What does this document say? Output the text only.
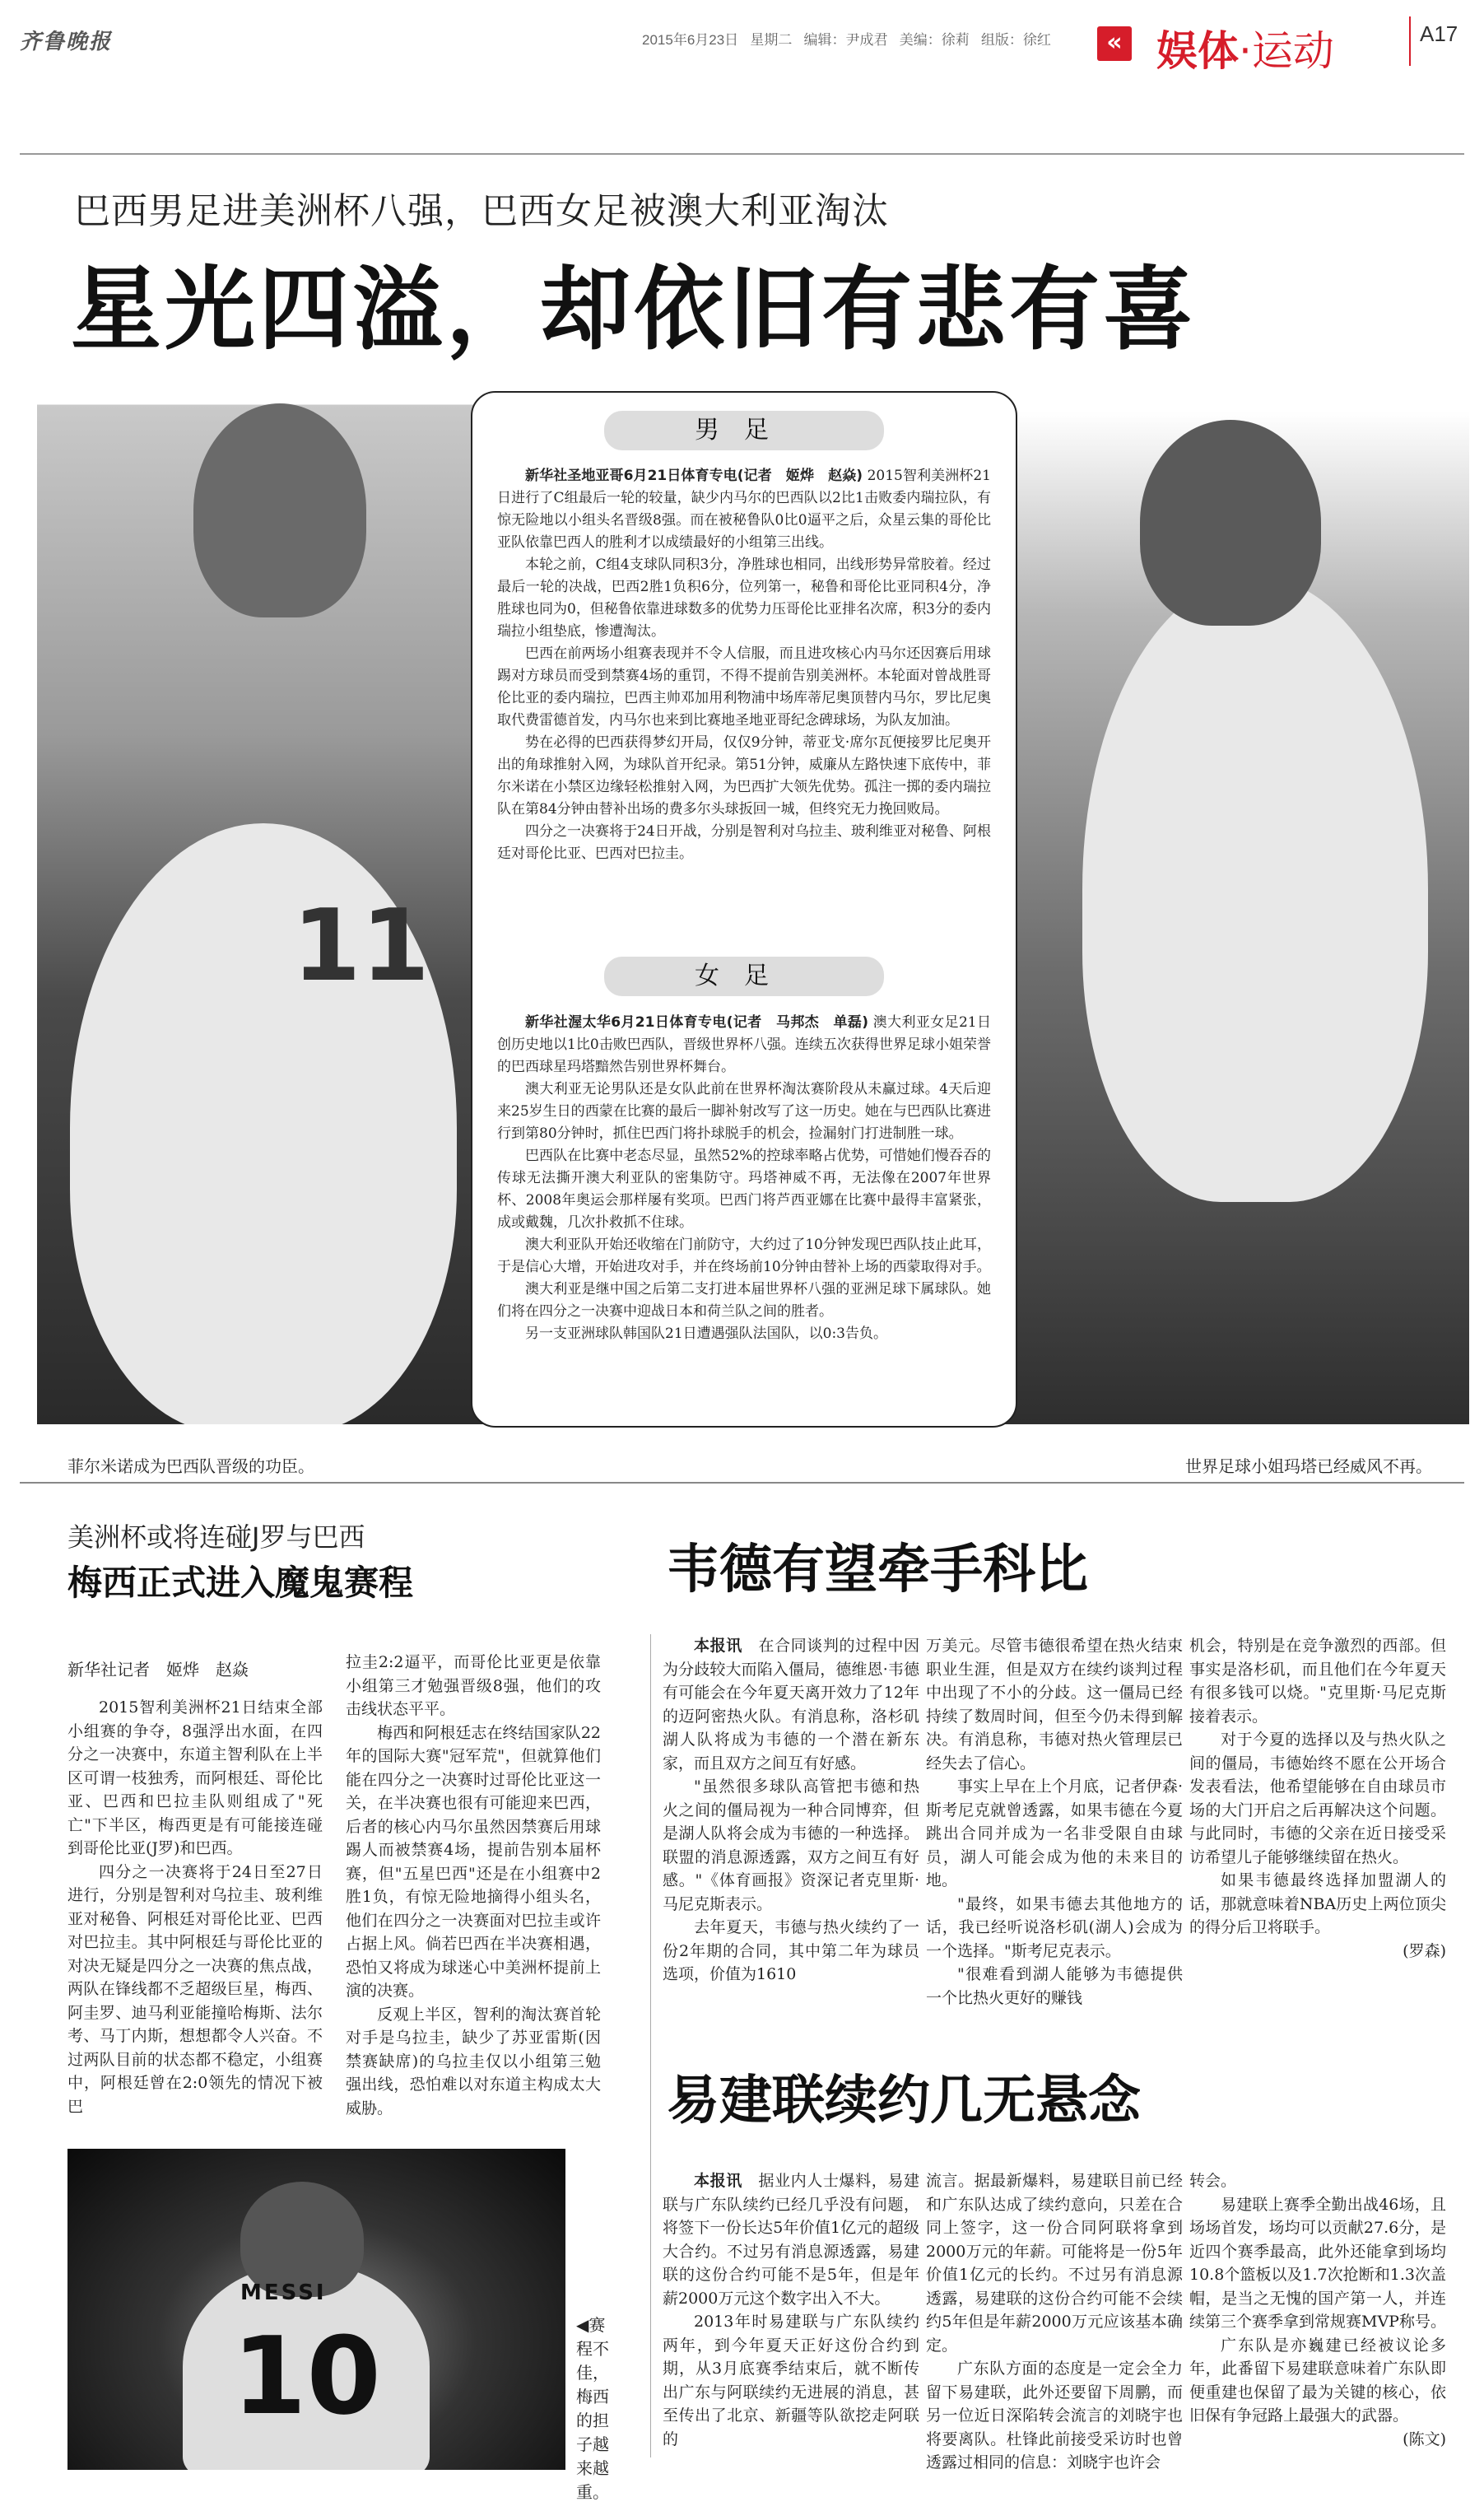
齐鲁晚报	2015年6月23日 星期二 编辑：尹成君 美编：徐莉 组版：徐红	« 娱体·运动	A17
巴西男足进美洲杯八强，巴西女足被澳大利亚淘汰
星光四溢，却依旧有悲有喜
11
菲尔米诺成为巴西队晋级的功臣。	世界足球小姐玛塔已经威风不再。
男足

新华社圣地亚哥6月21日体育专电(记者　姬烨　赵焱) 2015智利美洲杯21日进行了C组最后一轮的较量，缺少内马尔的巴西队以2比1击败委内瑞拉队，有惊无险地以小组头名晋级8强。而在被秘鲁队0比0逼平之后，众星云集的哥伦比亚队依靠巴西人的胜利才以成绩最好的小组第三出线。

本轮之前，C组4支球队同积3分，净胜球也相同，出线形势异常胶着。经过最后一轮的决战，巴西2胜1负积6分，位列第一，秘鲁和哥伦比亚同积4分，净胜球也同为0，但秘鲁依靠进球数多的优势力压哥伦比亚排名次席，积3分的委内瑞拉小组垫底，惨遭淘汰。

巴西在前两场小组赛表现并不令人信服，而且进攻核心内马尔还因赛后用球踢对方球员而受到禁赛4场的重罚，不得不提前告别美洲杯。本轮面对曾战胜哥伦比亚的委内瑞拉，巴西主帅邓加用利物浦中场库蒂尼奥顶替内马尔，罗比尼奥取代费雷德首发，内马尔也来到比赛地圣地亚哥纪念碑球场，为队友加油。

势在必得的巴西获得梦幻开局，仅仅9分钟，蒂亚戈·席尔瓦便接罗比尼奥开出的角球推射入网，为球队首开纪录。第51分钟，威廉从左路快速下底传中，菲尔米诺在小禁区边缘轻松推射入网，为巴西扩大领先优势。孤注一掷的委内瑞拉队在第84分钟由替补出场的费多尔头球扳回一城，但终究无力挽回败局。

四分之一决赛将于24日开战，分别是智利对乌拉圭、玻利维亚对秘鲁、阿根廷对哥伦比亚、巴西对巴拉圭。

女足

新华社渥太华6月21日体育专电(记者　马邦杰　单磊) 澳大利亚女足21日创历史地以1比0击败巴西队，晋级世界杯八强。连续五次获得世界足球小姐荣誉的巴西球星玛塔黯然告别世界杯舞台。

澳大利亚无论男队还是女队此前在世界杯淘汰赛阶段从未赢过球。4天后迎来25岁生日的西蒙在比赛的最后一脚补射改写了这一历史。她在与巴西队比赛进行到第80分钟时，抓住巴西门将扑球脱手的机会，捡漏射门打进制胜一球。

巴西队在比赛中老态尽显，虽然52%的控球率略占优势，可惜她们慢吞吞的传球无法撕开澳大利亚队的密集防守。玛塔神威不再，无法像在2007年世界杯、2008年奥运会那样屡有奖项。巴西门将芦西亚娜在比赛中最得丰富紧张，成或戴魏，几次扑救抓不住球。

澳大利亚队开始还收缩在门前防守，大约过了10分钟发现巴西队技止此耳，于是信心大增，开始进攻对手，并在终场前10分钟由替补上场的西蒙取得对手。

澳大利亚是继中国之后第二支打进本届世界杯八强的亚洲足球下属球队。她们将在四分之一决赛中迎战日本和荷兰队之间的胜者。

另一支亚洲球队韩国队21日遭遇强队法国队，以0:3告负。

美洲杯或将连碰J罗与巴西
梅西正式进入魔鬼赛程
新华社记者　姬烨　赵焱

2015智利美洲杯21日结束全部小组赛的争夺，8强浮出水面，在四分之一决赛中，东道主智利队在上半区可谓一枝独秀，而阿根廷、哥伦比亚、巴西和巴拉圭队则组成了"死亡"下半区，梅西更是有可能接连碰到哥伦比亚(J罗)和巴西。

四分之一决赛将于24日至27日进行，分别是智利对乌拉圭、玻利维亚对秘鲁、阿根廷对哥伦比亚、巴西对巴拉圭。其中阿根廷与哥伦比亚的对决无疑是四分之一决赛的焦点战，两队在锋线都不乏超级巨星，梅西、阿圭罗、迪马利亚能撞哈梅斯、法尔考、马丁内斯，想想都令人兴奋。不过两队目前的状态都不稳定，小组赛中，阿根廷曾在2:0领先的情况下被巴

拉圭2:2逼平，而哥伦比亚更是依靠小组第三才勉强晋级8强，他们的攻击线状态平平。

梅西和阿根廷志在终结国家队22年的国际大赛"冠军荒"，但就算他们能在四分之一决赛时过哥伦比亚这一关，在半决赛也很有可能迎来巴西，后者的核心内马尔虽然因禁赛后用球踢人而被禁赛4场，提前告别本届杯赛，但"五星巴西"还是在小组赛中2胜1负，有惊无险地摘得小组头名，他们在四分之一决赛面对巴拉圭或许占据上风。倘若巴西在半决赛相遇，恐怕又将成为球迷心中美洲杯提前上演的决赛。

反观上半区，智利的淘汰赛首轮对手是乌拉圭，缺少了苏亚雷斯(因禁赛缺席)的乌拉圭仅以小组第三勉强出线，恐怕难以对东道主构成太大威胁。

MESSI
10	◀赛程不佳，梅西的担子越来越重。
韦德有望牵手科比

本报讯　 在合同谈判的过程中因为分歧较大而陷入僵局，德维恩·韦德有可能会在今年夏天离开效力了12年的迈阿密热火队。有消息称，洛杉矶湖人队将成为韦德的一个潜在新东家，而且双方之间互有好感。

"虽然很多球队高管把韦德和热火之间的僵局视为一种合同博弈，但是湖人队将会成为韦德的一种选择。联盟的消息源透露，双方之间互有好感。"《体育画报》资深记者克里斯·马尼克斯表示。

去年夏天，韦德与热火续约了一份2年期的合同，其中第二年为球员选项，价值为1610

万美元。尽管韦德很希望在热火结束职业生涯，但是双方在续约谈判过程中出现了不小的分歧。这一僵局已经持续了数周时间，但至今仍未得到解决。有消息称，韦德对热火管理层已经失去了信心。

事实上早在上个月底，记者伊森·斯考尼克就曾透露，如果韦德在今夏跳出合同并成为一名非受限自由球员，湖人可能会成为他的未来目的地。

"最终，如果韦德去其他地方的话，我已经听说洛杉矶(湖人)会成为一个选择。"斯考尼克表示。

"很难看到湖人能够为韦德提供一个比热火更好的赚钱

机会，特别是在竞争激烈的西部。但事实是洛杉矶，而且他们在今年夏天有很多钱可以烧。"克里斯·马尼克斯接着表示。

对于今夏的选择以及与热火队之间的僵局，韦德始终不愿在公开场合发表看法，他希望能够在自由球员市场的大门开启之后再解决这个问题。与此同时，韦德的父亲在近日接受采访希望儿子能够继续留在热火。

如果韦德最终选择加盟湖人的话，那就意味着NBA历史上两位顶尖的得分后卫将联手。

(罗森)

易建联续约几无悬念

本报讯　 据业内人士爆料，易建联与广东队续约已经几乎没有问题，将签下一份长达5年价值1亿元的超级大合约。不过另有消息源透露，易建联的这份合约可能不是5年，但是年薪2000万元这个数字出入不大。

2013年时易建联与广东队续约两年，到今年夏天正好这份合约到期，从3月底赛季结束后，就不断传出广东与阿联续约无进展的消息，甚至传出了北京、新疆等队欲挖走阿联的

流言。据最新爆料，易建联目前已经和广东队达成了续约意向，只差在合同上签字，这一份合同阿联将拿到2000万元的年薪。可能将是一份5年价值1亿元的长约。不过另有消息源透露，易建联的这份合约可能不会续约5年但是年薪2000万元应该基本确定。

广东队方面的态度是一定会全力留下易建联，此外还要留下周鹏，而另一位近日深陷转会流言的刘晓宇也将要离队。杜锋此前接受采访时也曾透露过相同的信息：刘晓宇也许会

转会。

易建联上赛季全勤出战46场，且场场首发，场均可以贡献27.6分，是近四个赛季最高，此外还能拿到场均10.8个篮板以及1.7次抢断和1.3次盖帽，是当之无愧的国产第一人，并连续第三个赛季拿到常规赛MVP称号。

广东队是亦巍建已经被议论多年，此番留下易建联意味着广东队即便重建也保留了最为关键的核心，依旧保有争冠路上最强大的武器。

(陈文)
